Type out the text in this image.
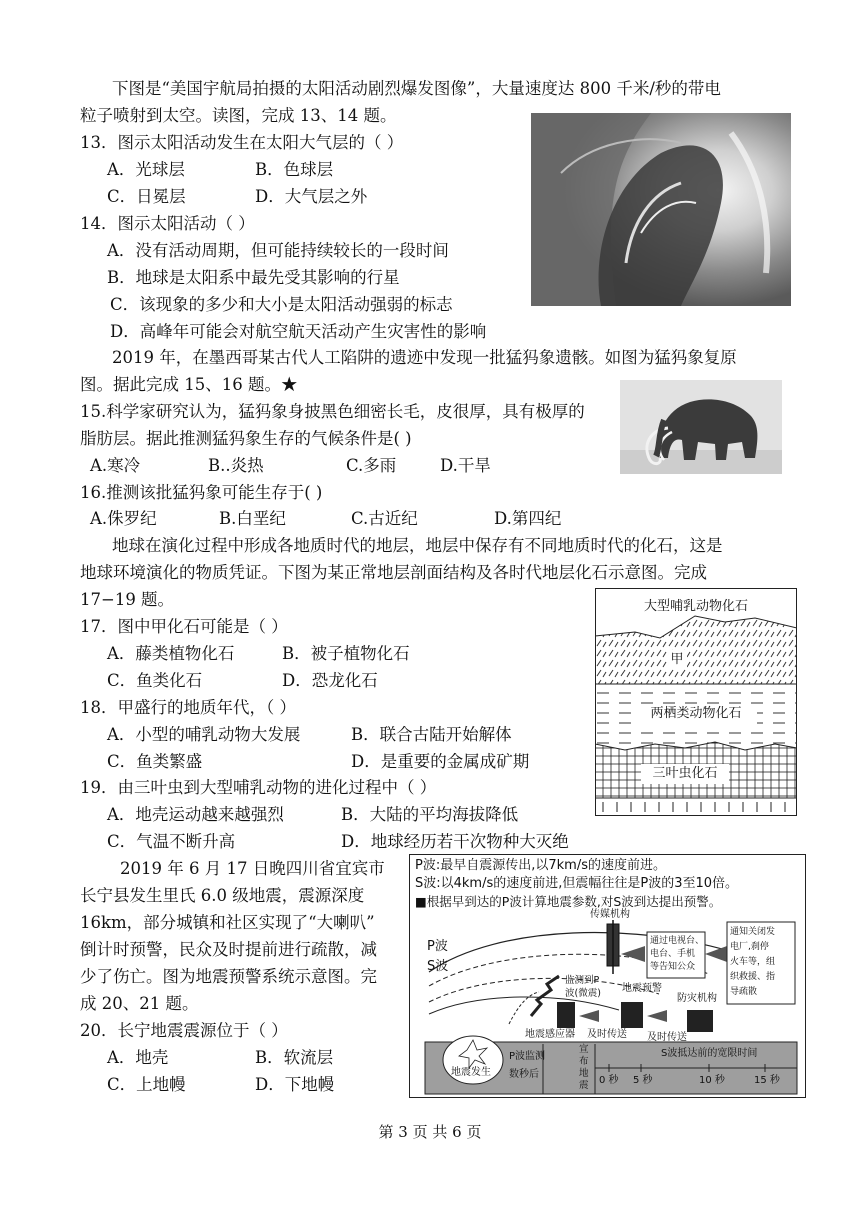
下图是“美国宇航局拍摄的太阳活动剧烈爆发图像”，大量速度达 800 千米/秒的带电
粒子喷射到太空。读图，完成 13、14 题。
13．图示太阳活动发生在太阳大气层的（ ）
A．光球层	B．色球层
C．日冕层	D．大气层之外
14．图示太阳活动（ ）
A．没有活动周期，但可能持续较长的一段时间
B．地球是太阳系中最先受其影响的行星
C．该现象的多少和大小是太阳活动强弱的标志
D．高峰年可能会对航空航天活动产生灾害性的影响
2019 年，在墨西哥某古代人工陷阱的遗迹中发现一批猛犸象遗骸。如图为猛犸象复原
图。据此完成 15、16 题。★
15.科学家研究认为，猛犸象身披黑色细密长毛，皮很厚，具有极厚的
脂肪层。据此推测猛犸象生存的气候条件是( )
A.寒冷	B..炎热	C.多雨	D.干旱
16.推测该批猛犸象可能生存于( )
A.侏罗纪	B.白垩纪	C.古近纪	D.第四纪
地球在演化过程中形成各地质时代的地层，地层中保存有不同地质时代的化石，这是
地球环境演化的物质凭证。下图为某正常地层剖面结构及各时代地层化石示意图。完成
17−19 题。	大型哺乳动物化石
甲
两栖类动物化石
三叶虫化石
17．图中甲化石可能是（ ）
A．藤类植物化石	B．被子植物化石
C．鱼类化石	D．恐龙化石
18．甲盛行的地质年代，（ ）
A．小型的哺乳动物大发展	B．联合古陆开始解体
C．鱼类繁盛	D．是重要的金属成矿期
19．由三叶虫到大型哺乳动物的进化过程中（ ）
A．地壳运动越来越强烈	B．大陆的平均海拔降低
C．气温不断升高	D．地球经历若干次物种大灭绝
2019 年 6 月 17 日晚四川省宜宾市
长宁县发生里氏 6.0 级地震，震源深度
16km，部分城镇和社区实现了“大喇叭”
倒计时预警，民众及时提前进行疏散，减
少了伤亡。图为地震预警系统示意图。完
成 20、21 题。
20．长宁地震震源位于（ ）
A．地壳	B．软流层
C．上地幔	D．下地幔
P波:最早自震源传出,以7km/s的速度前进。
S波:以4km/s的速度前进,但震幅往往是P波的3至10倍。
■根据早到达的P波计算地震参数,对S波到达提出预警。
P波
S波
传媒机构
通过电视台、
电台、手机
等告知公众
通知关闭发
电厂,刹停
火车等，组
织救援、指
导疏散
监测到P
波(微震) 地震预警
防灾机构
地震感应器 及时传送 及时传送
地震发生
P波监测
数秒后
宣
布
地
震
S波抵达前的宽限时间
0 秒 5 秒	10 秒	15 秒
第 3 页 共 6 页
